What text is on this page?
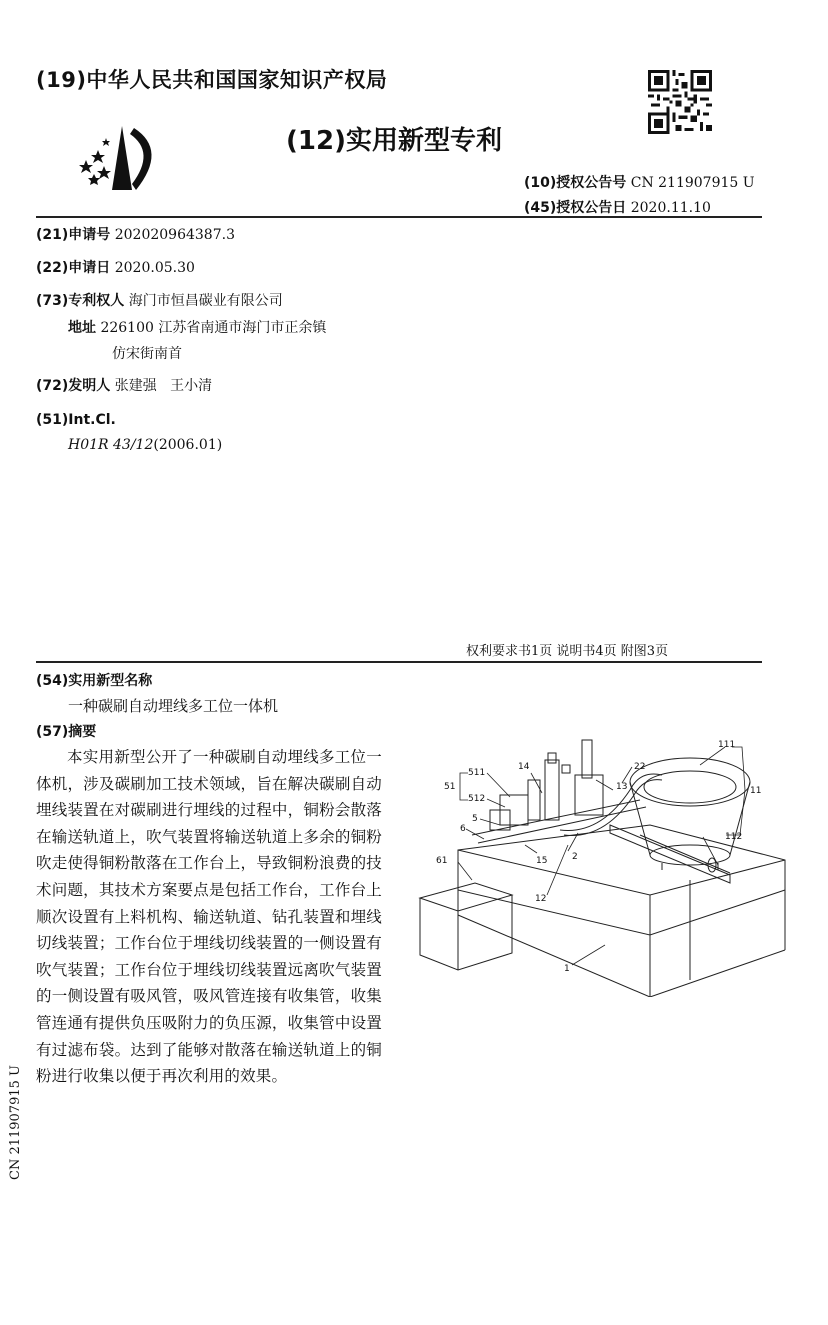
(19)中华人民共和国国家知识产权局
(12)实用新型专利
(10)授权公告号 CN 211907915 U
(45)授权公告日 2020.11.10
(21)申请号 202020964387.3
(22)申请日 2020.05.30
(73)专利权人 海门市恒昌碳业有限公司
地址 226100 江苏省南通市海门市正余镇
仿宋街南首
(72)发明人 张建强   王小清
(51)Int.Cl.
H01R 43/12(2006.01)
权利要求书1页 说明书4页 附图3页
(54)实用新型名称
一种碳刷自动埋线多工位一体机
(57)摘要
本实用新型公开了一种碳刷自动埋线多工位一体机，涉及碳刷加工技术领域，旨在解决碳刷自动埋线装置在对碳刷进行埋线的过程中，铜粉会散落在输送轨道上，吹气装置将输送轨道上多余的铜粉吹走使得铜粉散落在工作台上，导致铜粉浪费的技术问题，其技术方案要点是包括工作台，工作台上顺次设置有上料机构、输送轨道、钻孔装置和埋线切线装置；工作台位于埋线切线装置的一侧设置有吹气装置；工作台位于埋线切线装置远离吹气装置的一侧设置有吸风管，吸风管连接有收集管，收集管连通有提供负压吸附力的负压源，收集管中设置有过滤布袋。达到了能够对散落在输送轨道上的铜粉进行收集以便于再次利用的效果。
CN 211907915 U
111
11
112
13
22
14
51
511
512
5
6
61	15	2
12
1
